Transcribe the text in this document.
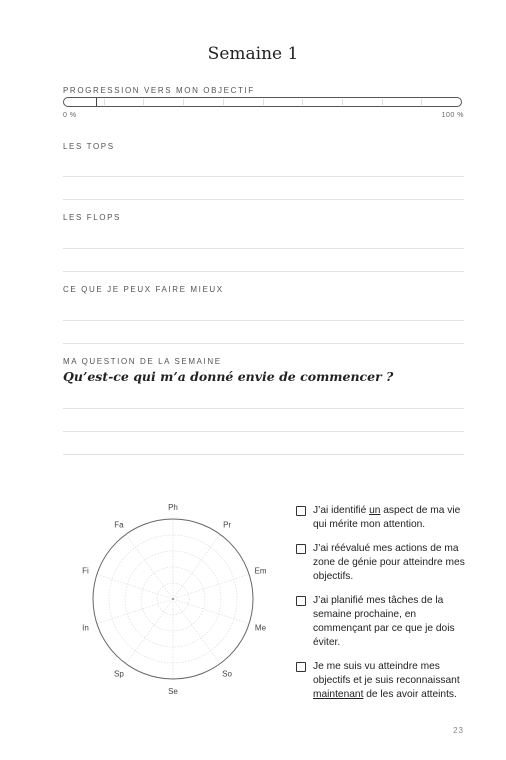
Semaine 1
PROGRESSION VERS MON OBJECTIF
0 %	100 %
LES TOPS
LES FLOPS
CE QUE JE PEUX FAIRE MIEUX
MA QUESTION DE LA SEMAINE
Qu’est-ce qui m’a donné envie de commencer ?
Ph
Pr
Em
Me
So
Se
Sp
In
Fi
Fa
J’ai identifié un aspect de ma vie qui mérite mon attention.
J’ai réévalué mes actions de ma zone de génie pour atteindre mes objectifs.
J’ai planifié mes tâches de la semaine prochaine, en commençant par ce que je dois éviter.
Je me suis vu atteindre mes objectifs et je suis reconnaissant maintenant de les avoir atteints.
23
